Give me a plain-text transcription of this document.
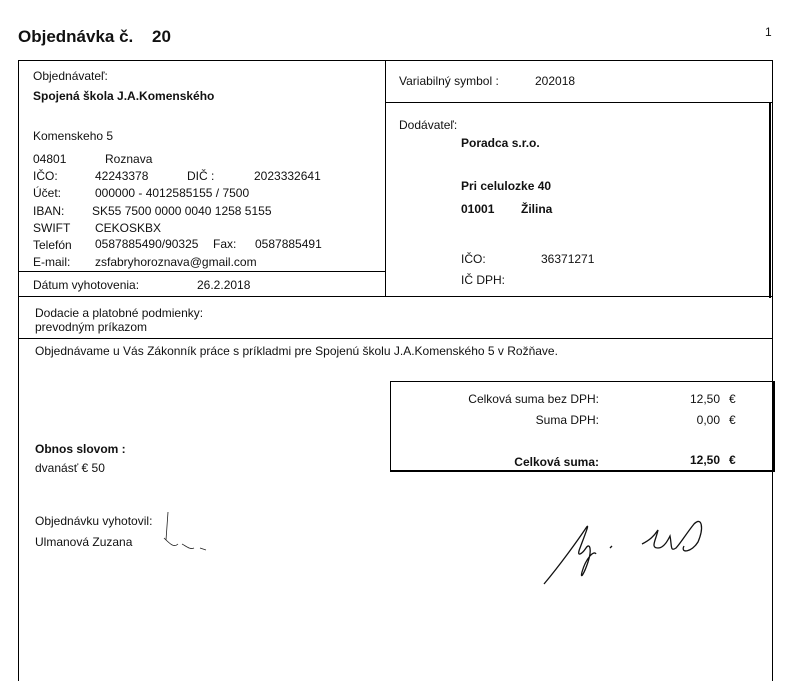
Objednávka č. 20	1
Objednávateľ:
Spojená škola J.A.Komenského
Komenskeho 5
04801	Roznava
IČO:	42243378	DIČ :	2023332641
Účet:	000000 - 4012585155 / 7500
IBAN: SK55 7500 0000 0040 1258 5155
SWIFT CEKOSKBX
Telefón 0587885490/90325 Fax: 0587885491
E-mail: zsfabryhoroznava@gmail.com
Dátum vyhotovenia:	26.2.2018
Variabilný symbol :	202018
Dodávateľ:
Poradca s.r.o.
Pri celulozke 40
01001 Žilina
IČO:	36371271
IČ DPH:
Dodacie a platobné podmienky:
prevodným príkazom
Objednávame u Vás Zákonník práce s príkladmi pre Spojenú školu J.A.Komenského 5 v Rožňave.
Celková suma bez DPH:	12,50 €
Suma DPH:	0,00 €
Celková suma:	12,50 €
Obnos slovom :
dvanásť € 50
Objednávku vyhotovil:
Ulmanová Zuzana
